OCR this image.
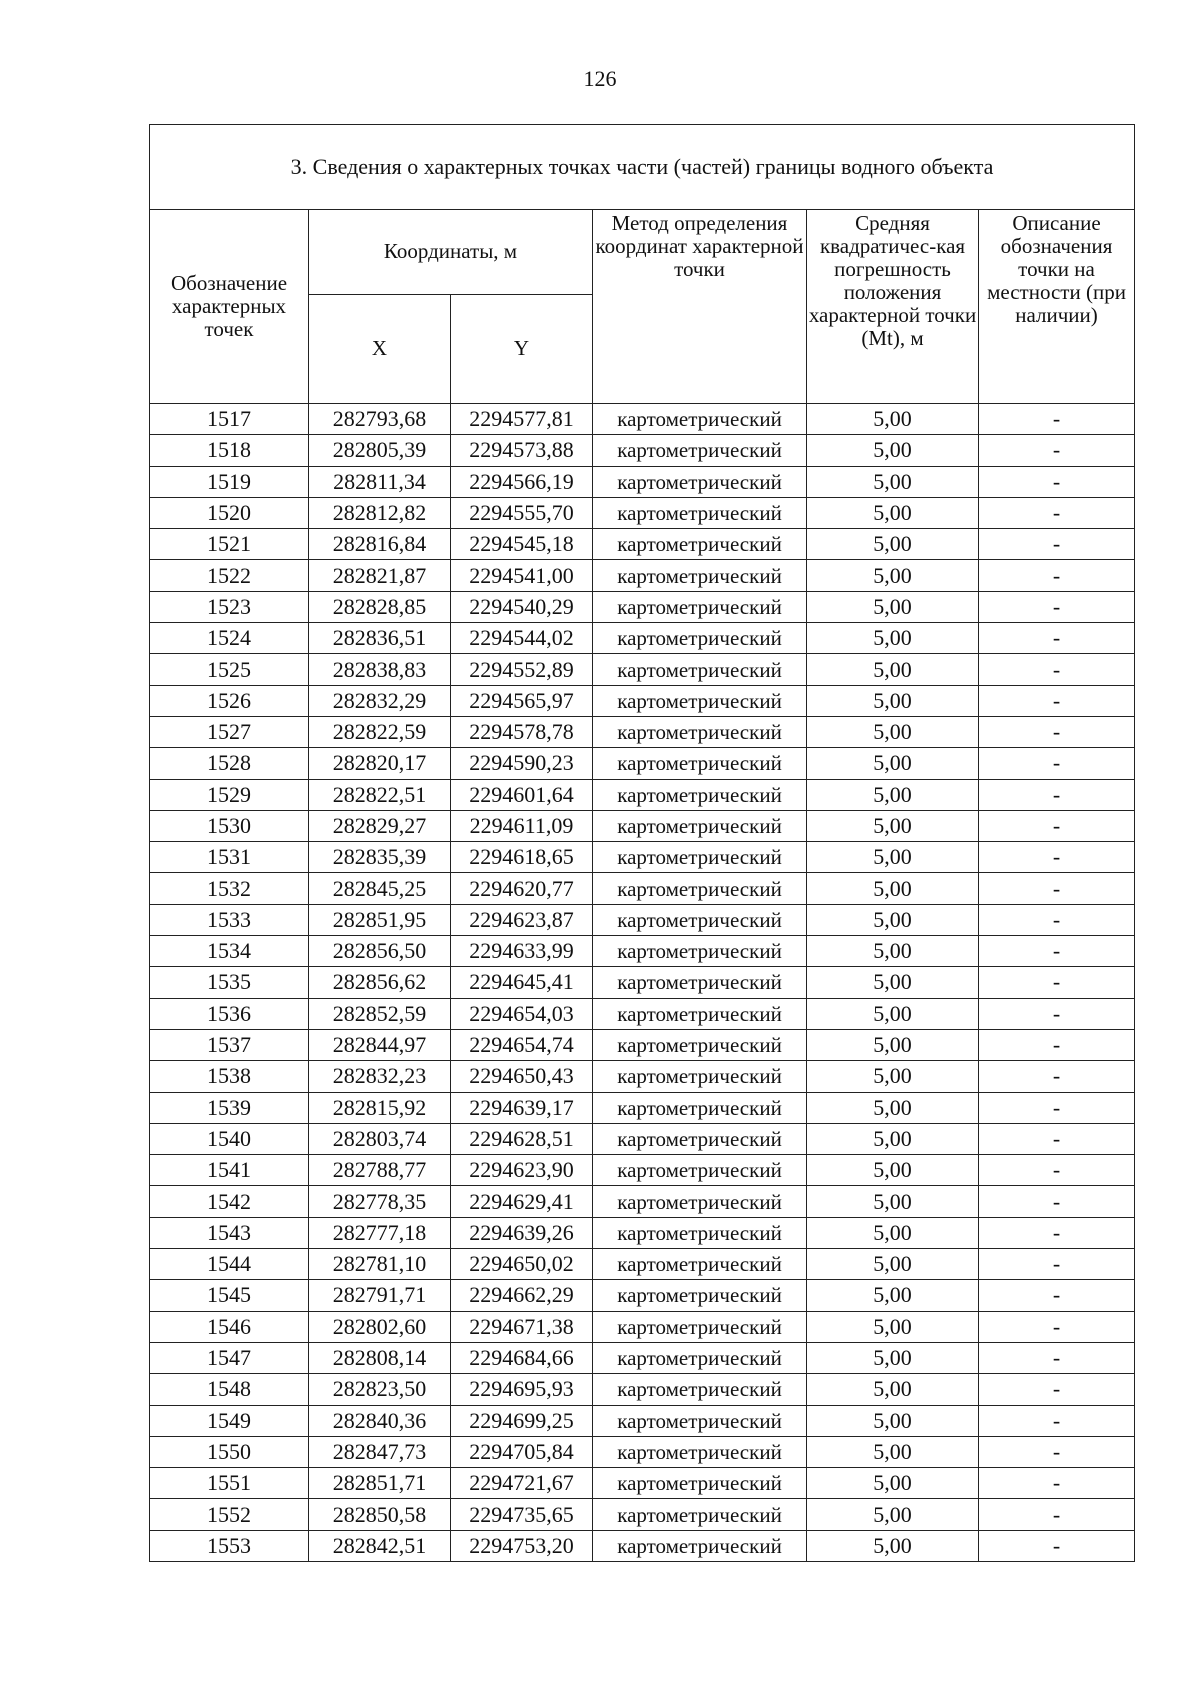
126
3. Сведения о характерных точках части (частей) границы водного объекта					
Обозначение характерных точек	Координаты, м		Метод определения координат характерной точки	Средняя квадратичес-кая погрешность положения характерной точки (Mt), м	Описание обозначения точки на местности (при наличии)
	X	Y			
1517	282793,68	2294577,81	картометрический	5,00	-
1518	282805,39	2294573,88	картометрический	5,00	-
1519	282811,34	2294566,19	картометрический	5,00	-
1520	282812,82	2294555,70	картометрический	5,00	-
1521	282816,84	2294545,18	картометрический	5,00	-
1522	282821,87	2294541,00	картометрический	5,00	-
1523	282828,85	2294540,29	картометрический	5,00	-
1524	282836,51	2294544,02	картометрический	5,00	-
1525	282838,83	2294552,89	картометрический	5,00	-
1526	282832,29	2294565,97	картометрический	5,00	-
1527	282822,59	2294578,78	картометрический	5,00	-
1528	282820,17	2294590,23	картометрический	5,00	-
1529	282822,51	2294601,64	картометрический	5,00	-
1530	282829,27	2294611,09	картометрический	5,00	-
1531	282835,39	2294618,65	картометрический	5,00	-
1532	282845,25	2294620,77	картометрический	5,00	-
1533	282851,95	2294623,87	картометрический	5,00	-
1534	282856,50	2294633,99	картометрический	5,00	-
1535	282856,62	2294645,41	картометрический	5,00	-
1536	282852,59	2294654,03	картометрический	5,00	-
1537	282844,97	2294654,74	картометрический	5,00	-
1538	282832,23	2294650,43	картометрический	5,00	-
1539	282815,92	2294639,17	картометрический	5,00	-
1540	282803,74	2294628,51	картометрический	5,00	-
1541	282788,77	2294623,90	картометрический	5,00	-
1542	282778,35	2294629,41	картометрический	5,00	-
1543	282777,18	2294639,26	картометрический	5,00	-
1544	282781,10	2294650,02	картометрический	5,00	-
1545	282791,71	2294662,29	картометрический	5,00	-
1546	282802,60	2294671,38	картометрический	5,00	-
1547	282808,14	2294684,66	картометрический	5,00	-
1548	282823,50	2294695,93	картометрический	5,00	-
1549	282840,36	2294699,25	картометрический	5,00	-
1550	282847,73	2294705,84	картометрический	5,00	-
1551	282851,71	2294721,67	картометрический	5,00	-
1552	282850,58	2294735,65	картометрический	5,00	-
1553	282842,51	2294753,20	картометрический	5,00	-
